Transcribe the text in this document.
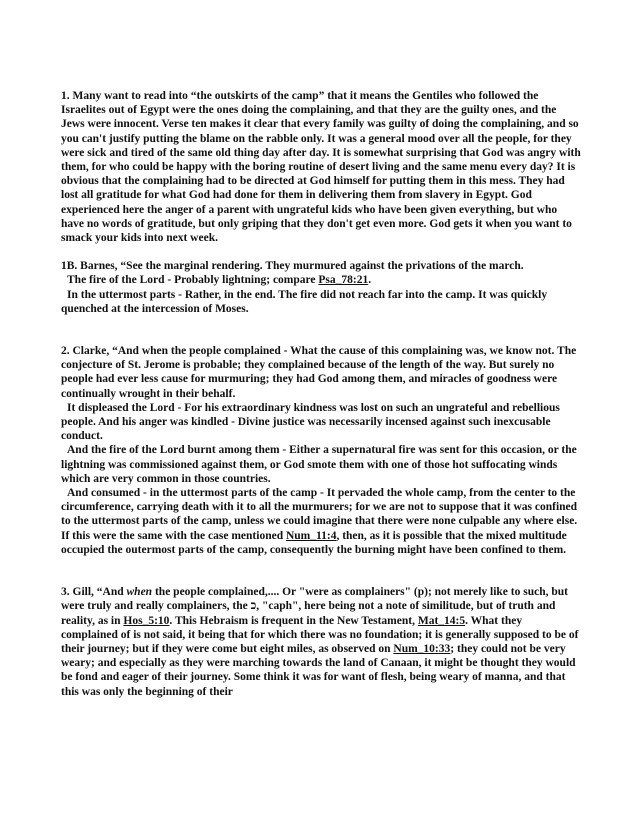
1. Many want to read into “the outskirts of the camp” that it means the Gentiles who followed the Israelites out of Egypt were the ones doing the complaining, and that they are the guilty ones, and the Jews were innocent. Verse ten makes it clear that every family was guilty of doing the complaining, and so you can't justify putting the blame on the rabble only. It was a general mood over all the people, for they were sick and tired of the same old thing day after day. It is somewhat surprising that God was angry with them, for who could be happy with the boring routine of desert living and the same menu every day? It is obvious that the complaining had to be directed at God himself for putting them in this mess. They had lost all gratitude for what God had done for them in delivering them from slavery in Egypt. God experienced here the anger of a parent with ungrateful kids who have been given everything, but who have no words of gratitude, but only griping that they don't get even more. God gets it when you want to smack your kids into next week.

1B. Barnes, “See the marginal rendering. They murmured against the privations of the march.

The fire of the Lord - Probably lightning; compare Psa_78:21.

In the uttermost parts - Rather, in the end. The fire did not reach far into the camp. It was quickly quenched at the intercession of Moses.

2. Clarke, “And when the people complained - What the cause of this complaining was, we know not. The conjecture of St. Jerome is probable; they complained because of the length of the way. But surely no people had ever less cause for murmuring; they had God among them, and miracles of goodness were continually wrought in their behalf.

It displeased the Lord - For his extraordinary kindness was lost on such an ungrateful and rebellious people. And his anger was kindled - Divine justice was necessarily incensed against such inexcusable conduct.

And the fire of the Lord burnt among them - Either a supernatural fire was sent for this occasion, or the lightning was commissioned against them, or God smote them with one of those hot suffocating winds which are very common in those countries.

And consumed - in the uttermost parts of the camp - It pervaded the whole camp, from the center to the circumference, carrying death with it to all the murmurers; for we are not to suppose that it was confined to the uttermost parts of the camp, unless we could imagine that there were none culpable any where else. If this were the same with the case mentioned Num_11:4, then, as it is possible that the mixed multitude occupied the outermost parts of the camp, consequently the burning might have been confined to them.

3. Gill, “And when the people complained,.... Or "were as complainers" (p); not merely like to such, but were truly and really complainers, the כ, "caph", here being not a note of similitude, but of truth and reality, as in Hos_5:10. This Hebraism is frequent in the New Testament, Mat_14:5. What they complained of is not said, it being that for which there was no foundation; it is generally supposed to be of their journey; but if they were come but eight miles, as observed on Num_10:33; they could not be very weary; and especially as they were marching towards the land of Canaan, it might be thought they would be fond and eager of their journey. Some think it was for want of flesh, being weary of manna, and that this was only the beginning of their
